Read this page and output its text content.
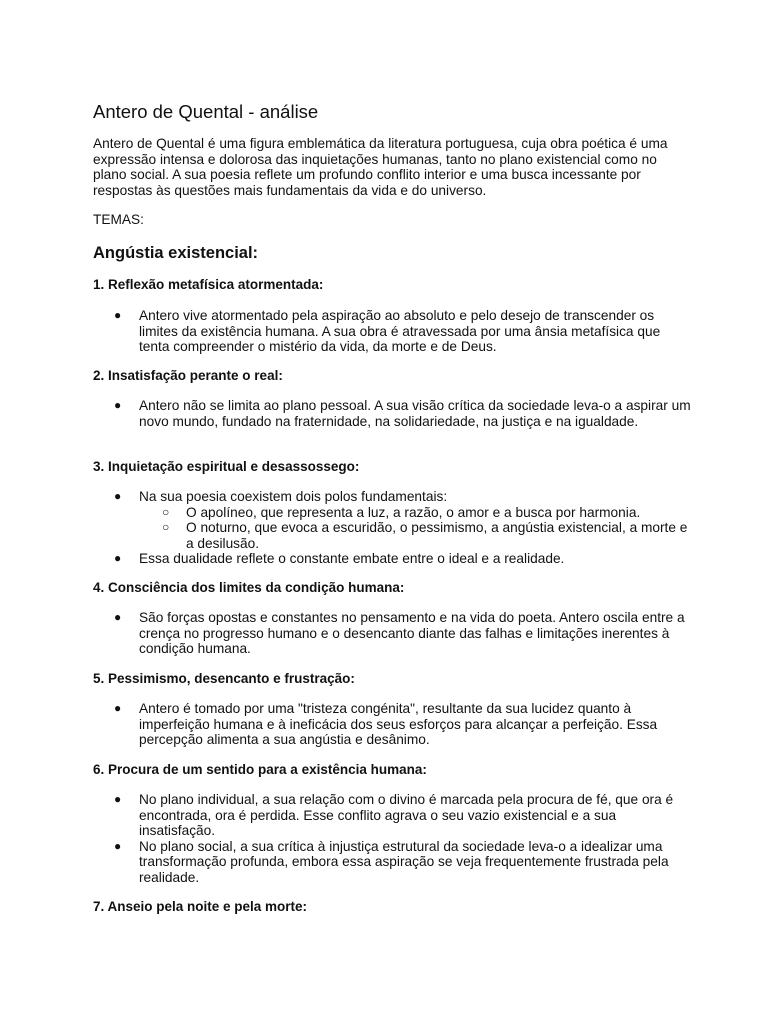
Antero de Quental - análise

Antero de Quental é uma figura emblemática da literatura portuguesa, cuja obra poética é uma expressão intensa e dolorosa das inquietações humanas, tanto no plano existencial como no plano social. A sua poesia reflete um profundo conflito interior e uma busca incessante por respostas às questões mais fundamentais da vida e do universo.

TEMAS:

Angústia existencial:

1. Reflexão metafísica atormentada:

● Antero vive atormentado pela aspiração ao absoluto e pelo desejo de transcender os limites da existência humana. A sua obra é atravessada por uma ânsia metafísica que tenta compreender o mistério da vida, da morte e de Deus.

2. Insatisfação perante o real:

● Antero não se limita ao plano pessoal. A sua visão crítica da sociedade leva-o a aspirar um novo mundo, fundado na fraternidade, na solidariedade, na justiça e na igualdade.

3. Inquietação espiritual e desassossego:

● Na sua poesia coexistem dois polos fundamentais:
○ O apolíneo, que representa a luz, a razão, o amor e a busca por harmonia.
○ O noturno, que evoca a escuridão, o pessimismo, a angústia existencial, a morte e a desilusão.
● Essa dualidade reflete o constante embate entre o ideal e a realidade.

4. Consciência dos limites da condição humana:

● São forças opostas e constantes no pensamento e na vida do poeta. Antero oscila entre a crença no progresso humano e o desencanto diante das falhas e limitações inerentes à condição humana.

5. Pessimismo, desencanto e frustração:

● Antero é tomado por uma "tristeza congénita", resultante da sua lucidez quanto à imperfeição humana e à ineficácia dos seus esforços para alcançar a perfeição. Essa percepção alimenta a sua angústia e desânimo.

6. Procura de um sentido para a existência humana:

● No plano individual, a sua relação com o divino é marcada pela procura de fé, que ora é encontrada, ora é perdida. Esse conflito agrava o seu vazio existencial e a sua insatisfação.
● No plano social, a sua crítica à injustiça estrutural da sociedade leva-o a idealizar uma transformação profunda, embora essa aspiração se veja frequentemente frustrada pela realidade.

7. Anseio pela noite e pela morte:
